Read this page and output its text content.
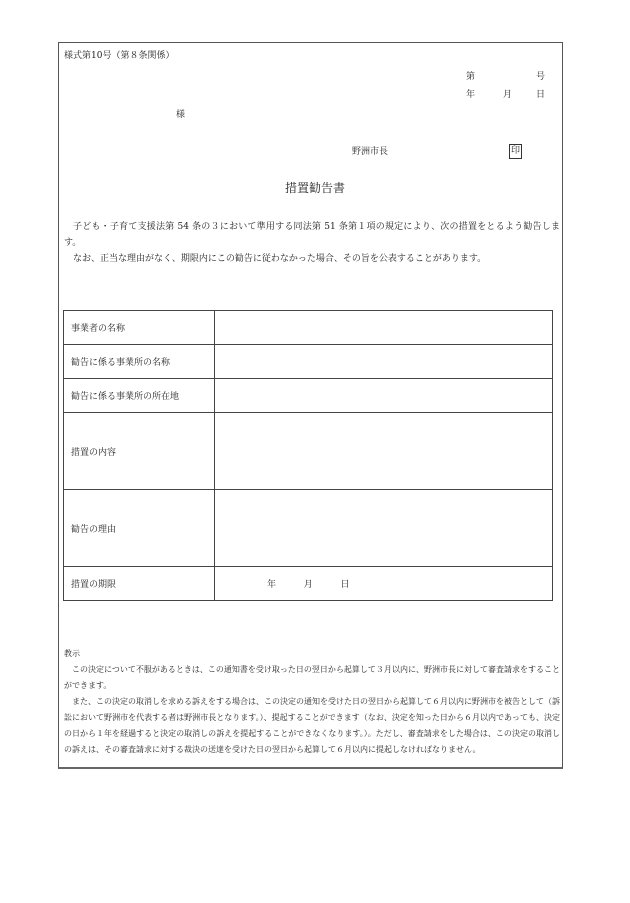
様式第10号（第８条関係）
第	号
年	月	日
様
野洲市長	印
措置勧告書

子ども・子育て支援法第 54 条の３において準用する同法第 51 条第１項の規定により、次の措置をとるよう勧告します。

なお、正当な理由がなく、期限内にこの勧告に従わなかった場合、その旨を公表することがあります。

事業者の名称	
勧告に係る事業所の名称	
勧告に係る事業所の所在地	
措置の内容	
勧告の理由	
措置の期限	年 月 日
教示

この決定について不服があるときは、この通知書を受け取った日の翌日から起算して３月以内に、野洲市長に対して審査請求をすることができます。

また、この決定の取消しを求める訴えをする場合は、この決定の通知を受けた日の翌日から起算して６月以内に野洲市を被告として（訴訟において野洲市を代表する者は野洲市長となります。）、提起することができます（なお、決定を知った日から６月以内であっても、決定の日から１年を経過すると決定の取消しの訴えを提起することができなくなります。）。ただし、審査請求をした場合は、この決定の取消しの訴えは、その審査請求に対する裁決の送達を受けた日の翌日から起算して６月以内に提起しなければなりません。
